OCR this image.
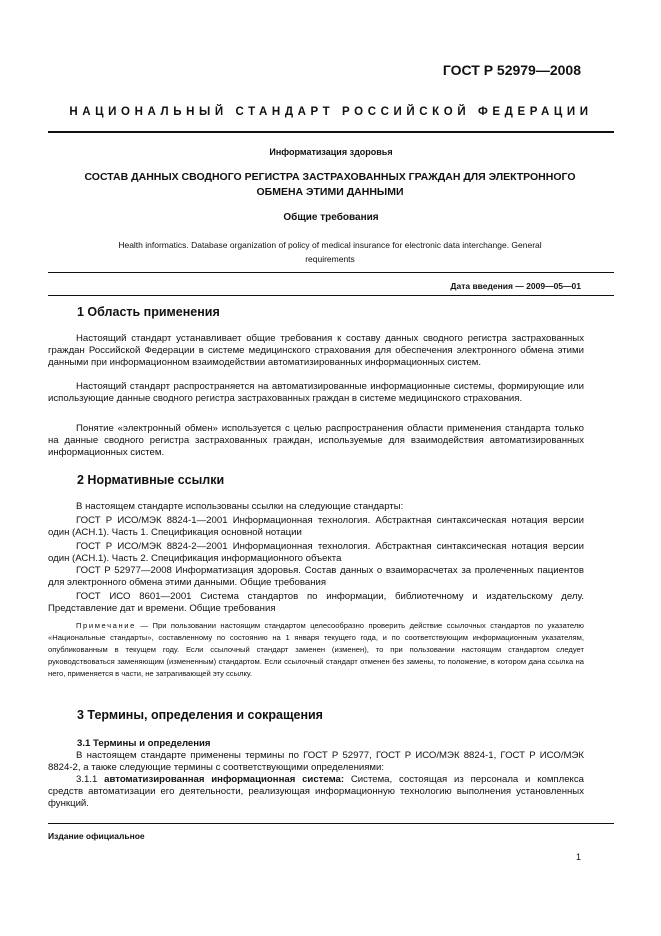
ГОСТ Р 52979—2008
НАЦИОНАЛЬНЫЙ СТАНДАРТ РОССИЙСКОЙ ФЕДЕРАЦИИ
Информатизация здоровья
СОСТАВ ДАННЫХ СВОДНОГО РЕГИСТРА ЗАСТРАХОВАННЫХ ГРАЖДАН ДЛЯ ЭЛЕКТРОННОГО
ОБМЕНА ЭТИМИ ДАННЫМИ
Общие требования
Health informatics. Database organization of policy of medical insurance for electronic data interchange. General
requirements
Дата введения — 2009—05—01
1 Область применения

Настоящий стандарт устанавливает общие требования к составу данных сводного регистра застрахованных граждан Российской Федерации в системе медицинского страхования для обеспечения электронного обмена этими данными при информационном взаимодействии автоматизированных информационных систем.

Настоящий стандарт распространяется на автоматизированные информационные системы, формирующие или использующие данные сводного регистра застрахованных граждан в системе медицинского страхования.

Понятие «электронный обмен» используется с целью распространения области применения стандарта только на данные сводного регистра застрахованных граждан, используемые для взаимодействия автоматизированных информационных систем.

2 Нормативные ссылки

В настоящем стандарте использованы ссылки на следующие стандарты:

ГОСТ Р ИСО/МЭК 8824-1—2001 Информационная технология. Абстрактная синтаксическая нотация версии один (АСН.1). Часть 1. Спецификация основной нотации

ГОСТ Р ИСО/МЭК 8824-2—2001 Информационная технология. Абстрактная синтаксическая нотация версии один (АСН.1). Часть 2. Спецификация информационного объекта

ГОСТ Р 52977—2008 Информатизация здоровья. Состав данных о взаиморасчетах за пролеченных пациентов для электронного обмена этими данными. Общие требования

ГОСТ ИСО 8601—2001 Система стандартов по информации, библиотечному и издательскому делу. Представление дат и времени. Общие требования

Примечание — При пользовании настоящим стандартом целесообразно проверить действие ссылочных стандартов по указателю «Национальные стандарты», составленному по состоянию на 1 января текущего года, и по соответствующим информационным указателям, опубликованным в текущем году. Если ссылочный стандарт заменен (изменен), то при пользовании настоящим стандартом следует руководствоваться заменяющим (измененным) стандартом. Если ссылочный стандарт отменен без замены, то положение, в котором дана ссылка на него, применяется в части, не затрагивающей эту ссылку.

3 Термины, определения и сокращения
3.1 Термины и определения

В настоящем стандарте применены термины по ГОСТ Р 52977, ГОСТ Р ИСО/МЭК 8824-1, ГОСТ Р ИСО/МЭК 8824-2, а также следующие термины с соответствующими определениями:

3.1.1 автоматизированная информационная система: Система, состоящая из персонала и комплекса средств автоматизации его деятельности, реализующая информационную технологию выполнения установленных функций.

Издание официальное
1
